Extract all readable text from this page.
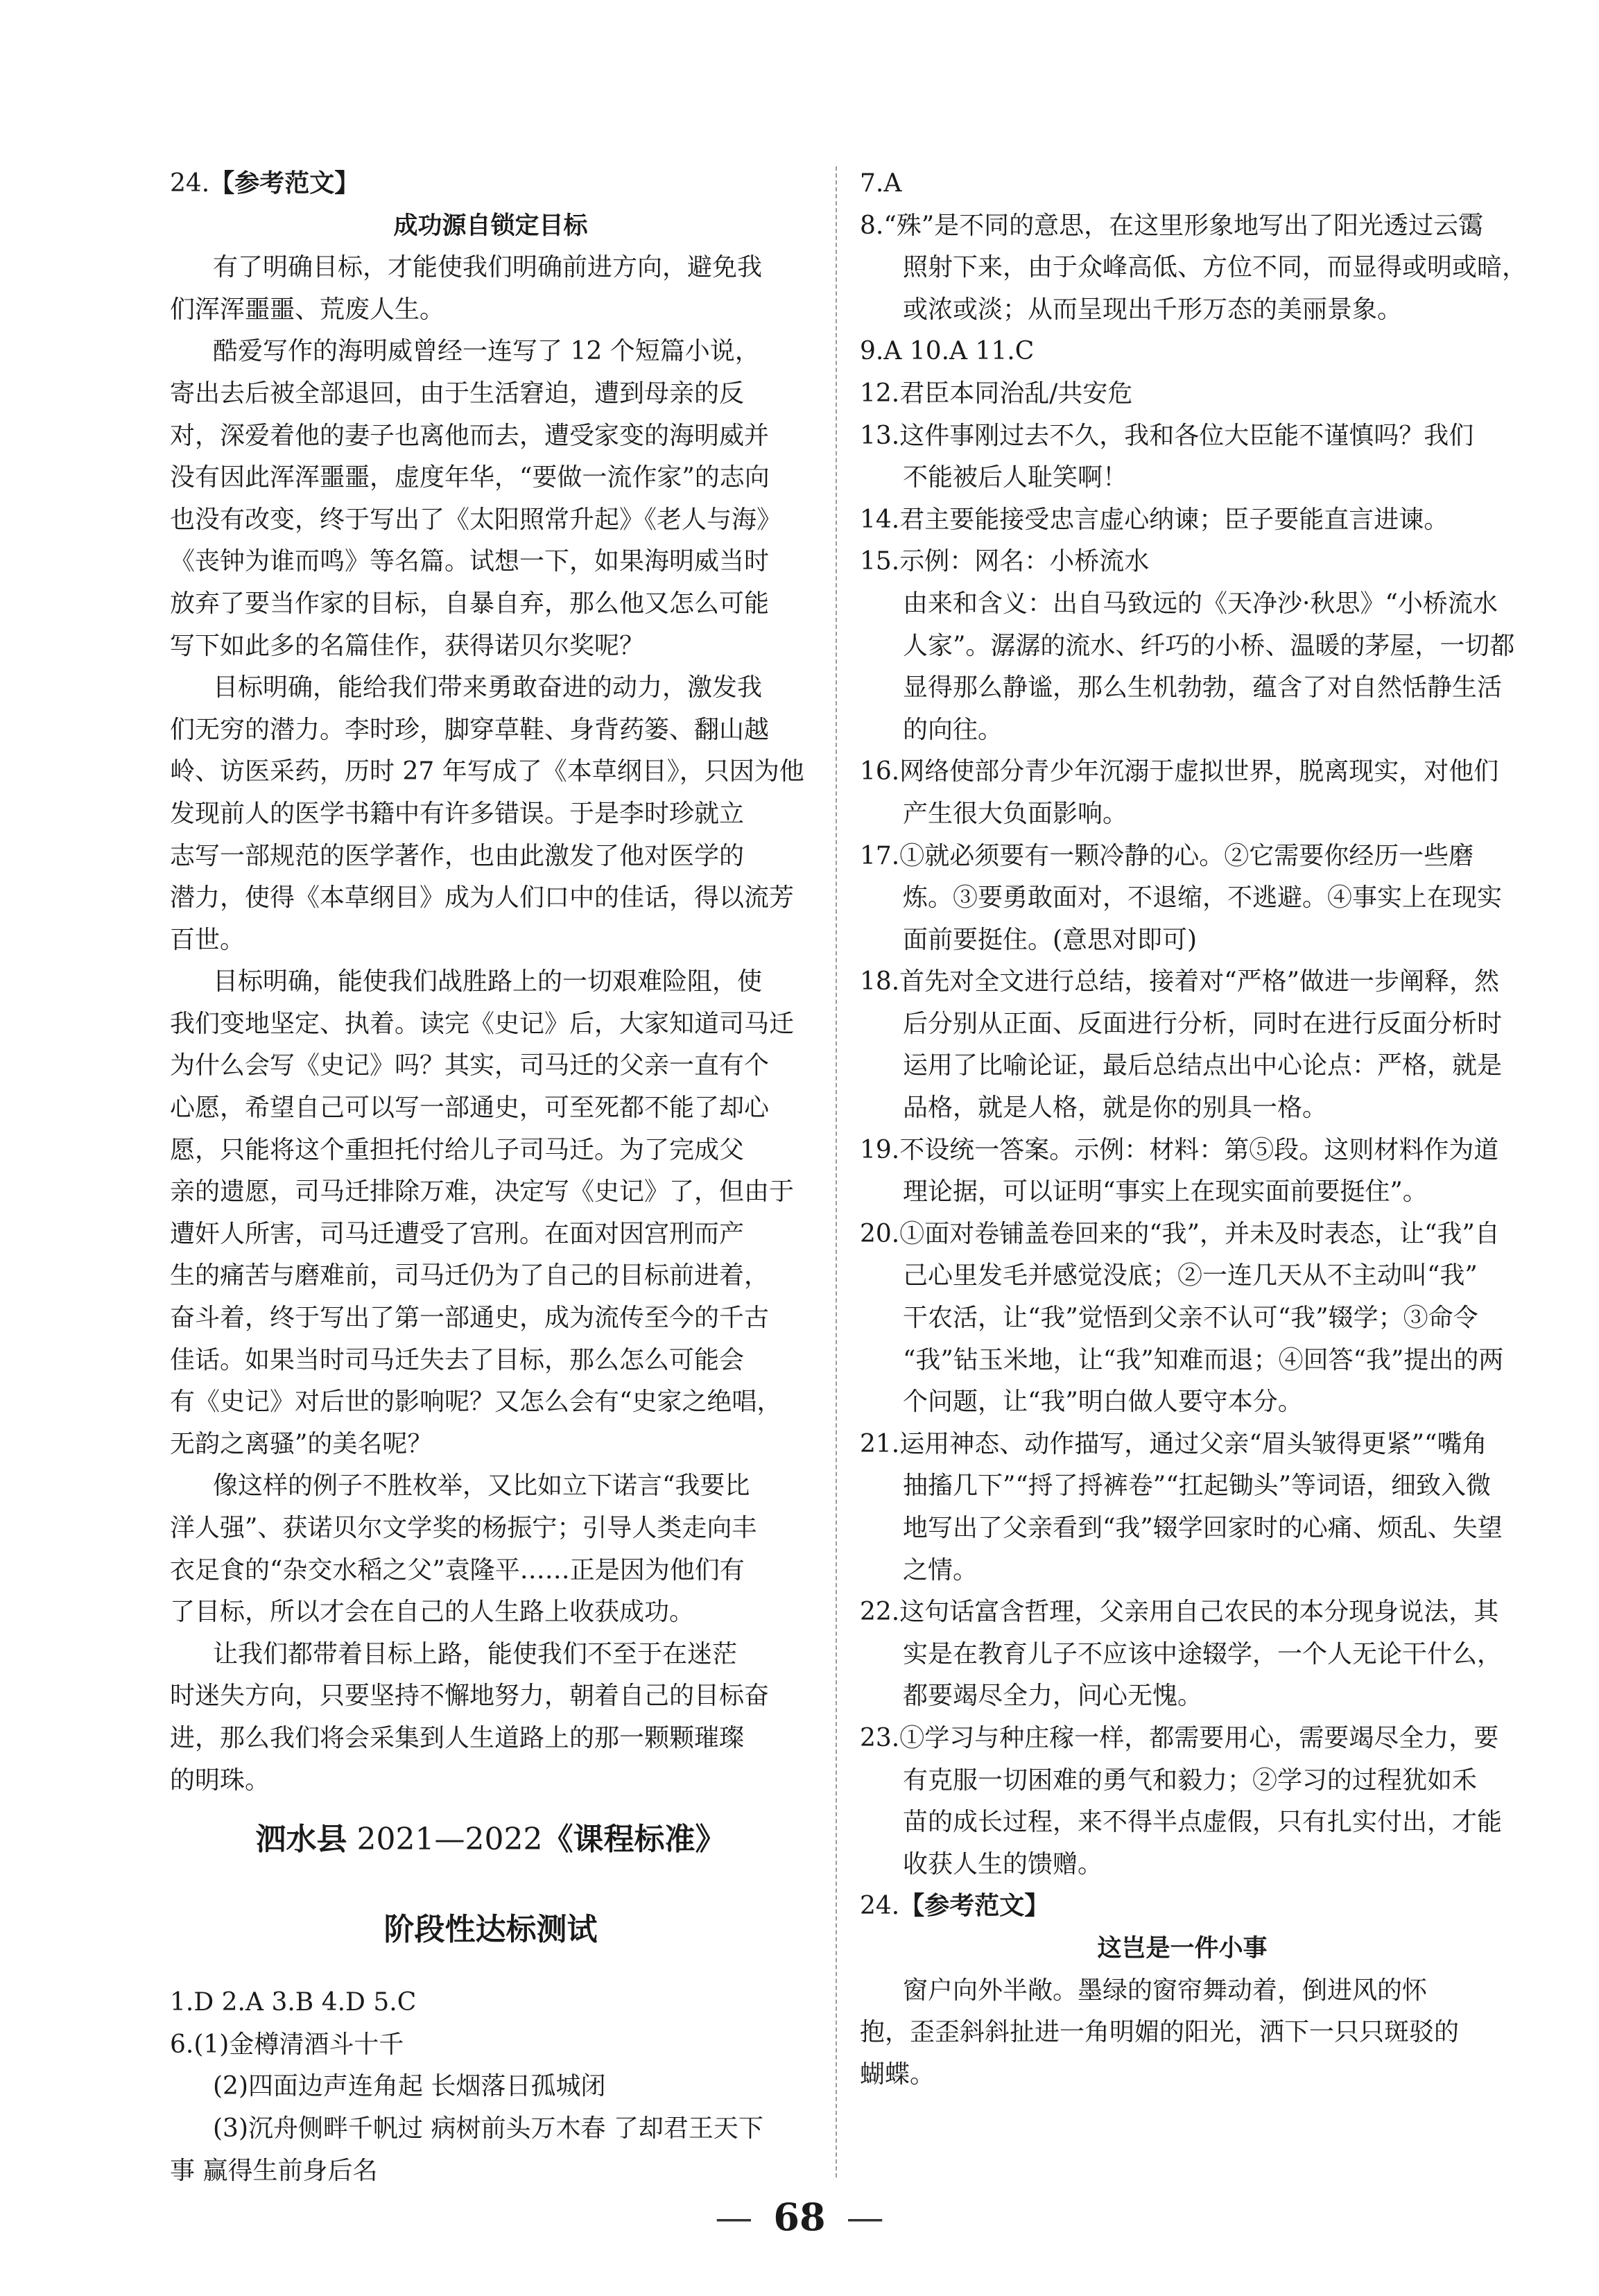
24.【参考范文】

成功源自锁定目标

有了明确目标，才能使我们明确前进方向，避免我

们浑浑噩噩、荒废人生。

酷爱写作的海明威曾经一连写了 12 个短篇小说，

寄出去后被全部退回，由于生活窘迫，遭到母亲的反

对，深爱着他的妻子也离他而去，遭受家变的海明威并

没有因此浑浑噩噩，虚度年华，“要做一流作家”的志向

也没有改变，终于写出了《太阳照常升起》《老人与海》

《丧钟为谁而鸣》等名篇。试想一下，如果海明威当时

放弃了要当作家的目标，自暴自弃，那么他又怎么可能

写下如此多的名篇佳作，获得诺贝尔奖呢？

目标明确，能给我们带来勇敢奋进的动力，激发我

们无穷的潜力。李时珍，脚穿草鞋、身背药篓、翻山越

岭、访医采药，历时 27 年写成了《本草纲目》，只因为他

发现前人的医学书籍中有许多错误。于是李时珍就立

志写一部规范的医学著作，也由此激发了他对医学的

潜力，使得《本草纲目》成为人们口中的佳话，得以流芳

百世。

目标明确，能使我们战胜路上的一切艰难险阻，使

我们变地坚定、执着。读完《史记》后，大家知道司马迁

为什么会写《史记》吗？其实，司马迁的父亲一直有个

心愿，希望自己可以写一部通史，可至死都不能了却心

愿，只能将这个重担托付给儿子司马迁。为了完成父

亲的遗愿，司马迁排除万难，决定写《史记》了，但由于

遭奸人所害，司马迁遭受了宫刑。在面对因宫刑而产

生的痛苦与磨难前，司马迁仍为了自己的目标前进着，

奋斗着，终于写出了第一部通史，成为流传至今的千古

佳话。如果当时司马迁失去了目标，那么怎么可能会

有《史记》对后世的影响呢？又怎么会有“史家之绝唱，

无韵之离骚”的美名呢？

像这样的例子不胜枚举，又比如立下诺言“我要比

洋人强”、获诺贝尔文学奖的杨振宁；引导人类走向丰

衣足食的“杂交水稻之父”袁隆平……正是因为他们有

了目标，所以才会在自己的人生路上收获成功。

让我们都带着目标上路，能使我们不至于在迷茫

时迷失方向，只要坚持不懈地努力，朝着自己的目标奋

进，那么我们将会采集到人生道路上的那一颗颗璀璨

的明珠。

泗水县 2021—2022《课程标准》
阶段性达标测试

1.D 2.A 3.B 4.D 5.C

6.(1)金樽清酒斗十千

(2)四面边声连角起 长烟落日孤城闭

(3)沉舟侧畔千帆过 病树前头万木春 了却君王天下

事 赢得生前身后名

7.A

8.“殊”是不同的意思，在这里形象地写出了阳光透过云霭

照射下来，由于众峰高低、方位不同，而显得或明或暗，

或浓或淡；从而呈现出千形万态的美丽景象。

9.A 10.A 11.C

12.君臣本同治乱/共安危

13.这件事刚过去不久，我和各位大臣能不谨慎吗？我们

不能被后人耻笑啊！

14.君主要能接受忠言虚心纳谏；臣子要能直言进谏。

15.示例：网名：小桥流水

由来和含义：出自马致远的《天净沙·秋思》“小桥流水

人家”。潺潺的流水、纤巧的小桥、温暖的茅屋，一切都

显得那么静谧，那么生机勃勃，蕴含了对自然恬静生活

的向往。

16.网络使部分青少年沉溺于虚拟世界，脱离现实，对他们

产生很大负面影响。

17.①就必须要有一颗冷静的心。②它需要你经历一些磨

炼。③要勇敢面对，不退缩，不逃避。④事实上在现实

面前要挺住。(意思对即可)

18.首先对全文进行总结，接着对“严格”做进一步阐释，然

后分别从正面、反面进行分析，同时在进行反面分析时

运用了比喻论证，最后总结点出中心论点：严格，就是

品格，就是人格，就是你的别具一格。

19.不设统一答案。示例：材料：第⑤段。这则材料作为道

理论据，可以证明“事实上在现实面前要挺住”。

20.①面对卷铺盖卷回来的“我”，并未及时表态，让“我”自

己心里发毛并感觉没底；②一连几天从不主动叫“我”

干农活，让“我”觉悟到父亲不认可“我”辍学；③命令

“我”钻玉米地，让“我”知难而退；④回答“我”提出的两

个问题，让“我”明白做人要守本分。

21.运用神态、动作描写，通过父亲“眉头皱得更紧”“嘴角

抽搐几下”“捋了捋裤卷”“扛起锄头”等词语，细致入微

地写出了父亲看到“我”辍学回家时的心痛、烦乱、失望

之情。

22.这句话富含哲理，父亲用自己农民的本分现身说法，其

实是在教育儿子不应该中途辍学，一个人无论干什么，

都要竭尽全力，问心无愧。

23.①学习与种庄稼一样，都需要用心，需要竭尽全力，要

有克服一切困难的勇气和毅力；②学习的过程犹如禾

苗的成长过程，来不得半点虚假，只有扎实付出，才能

收获人生的馈赠。

24.【参考范文】

这岂是一件小事

窗户向外半敞。墨绿的窗帘舞动着，倒进风的怀

抱，歪歪斜斜扯进一角明媚的阳光，洒下一只只斑驳的

蝴蝶。

— 68 —
